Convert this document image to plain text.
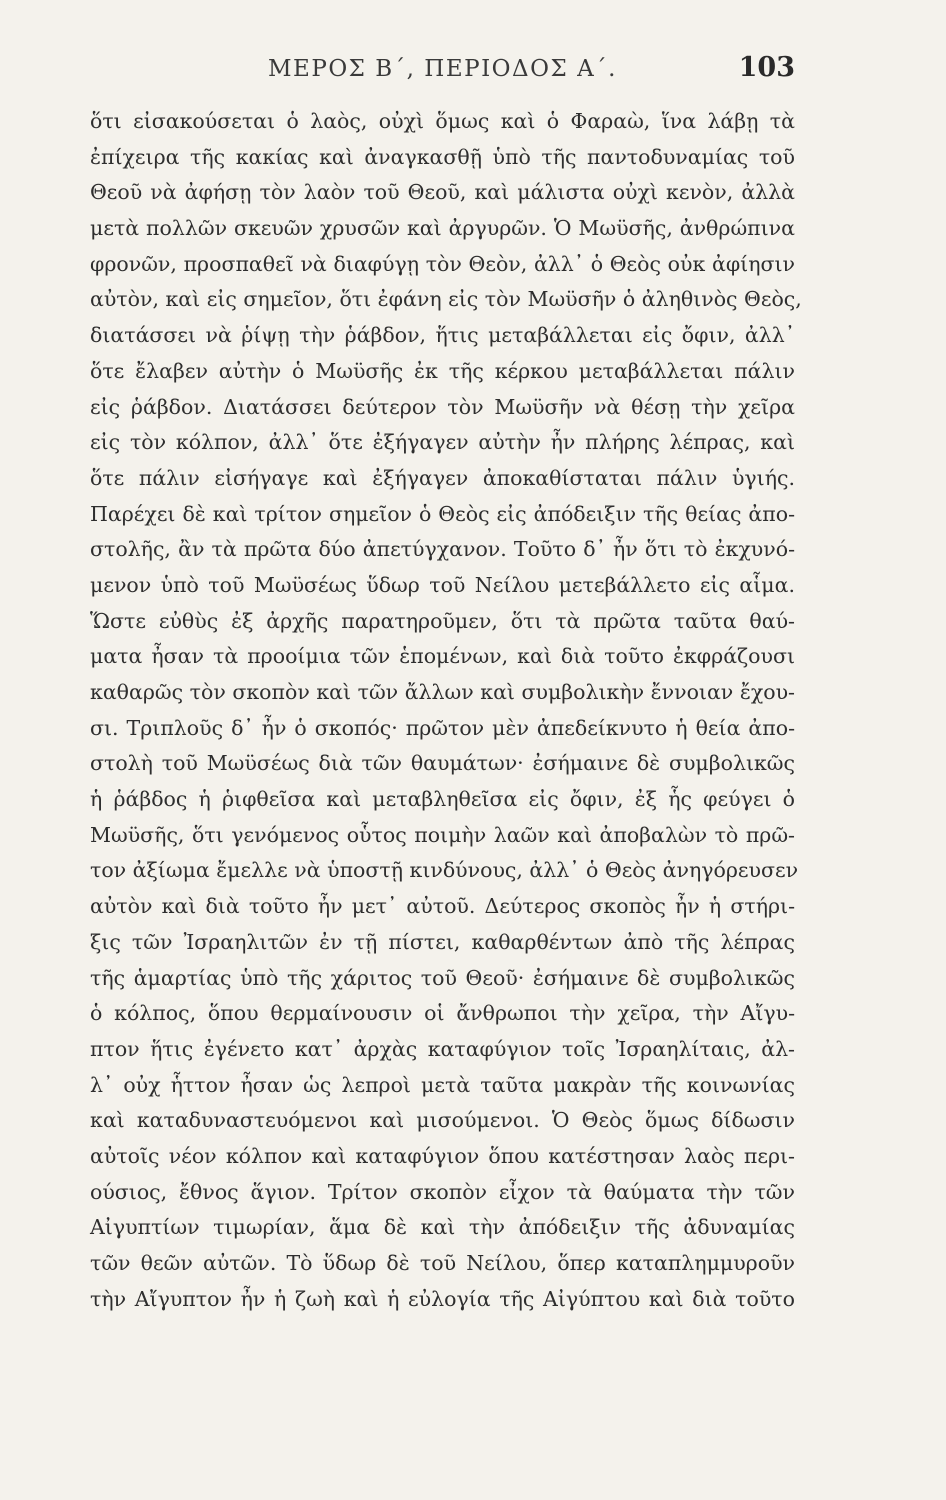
ΜΕΡΟΣ Β΄, ΠΕΡΙΟΔΟΣ Α΄.	103
ὅτι εἰσακούσεται ὁ λαὸς, οὐχὶ ὅμως καὶ ὁ Φαραὼ, ἵνα λάβῃ τὰ
ἐπίχειρα τῆς κακίας καὶ ἀναγκασθῇ ὑπὸ τῆς παντοδυναμίας τοῦ
Θεοῦ νὰ ἀφήσῃ τὸν λαὸν τοῦ Θεοῦ, καὶ μάλιστα οὐχὶ κενὸν, ἀλλὰ
μετὰ πολλῶν σκευῶν χρυσῶν καὶ ἀργυρῶν. Ὁ Μωϋσῆς, ἀνθρώπινα
φρονῶν, προσπαθεῖ νὰ διαφύγῃ τὸν Θεὸν, ἀλλ᾽ ὁ Θεὸς οὐκ ἀφίησιν
αὐτὸν, καὶ εἰς σημεῖον, ὅτι ἐφάνη εἰς τὸν Μωϋσῆν ὁ ἀληθινὸς Θεὸς,
διατάσσει νὰ ῥίψῃ τὴν ῥάβδον, ἥτις μεταβάλλεται εἰς ὄφιν, ἀλλ᾽
ὅτε ἔλαβεν αὐτὴν ὁ Μωϋσῆς ἐκ τῆς κέρκου μεταβάλλεται πάλιν
εἰς ῥάβδον. Διατάσσει δεύτερον τὸν Μωϋσῆν νὰ θέσῃ τὴν χεῖρα
εἰς τὸν κόλπον, ἀλλ᾽ ὅτε ἐξήγαγεν αὐτὴν ἦν πλήρης λέπρας, καὶ
ὅτε πάλιν εἰσήγαγε καὶ ἐξήγαγεν ἀποκαθίσταται πάλιν ὑγιής.
Παρέχει δὲ καὶ τρίτον σημεῖον ὁ Θεὸς εἰς ἀπόδειξιν τῆς θείας ἀπο-
στολῆς, ἂν τὰ πρῶτα δύο ἀπετύγχανον. Τοῦτο δ᾽ ἦν ὅτι τὸ ἐκχυνό-
μενον ὑπὸ τοῦ Μωϋσέως ὕδωρ τοῦ Νείλου μετεβάλλετο εἰς αἷμα.
Ὥστε εὐθὺς ἐξ ἀρχῆς παρατηροῦμεν, ὅτι τὰ πρῶτα ταῦτα θαύ-
ματα ἦσαν τὰ προοίμια τῶν ἑπομένων, καὶ διὰ τοῦτο ἐκφράζουσι
καθαρῶς τὸν σκοπὸν καὶ τῶν ἄλλων καὶ συμβολικὴν ἔννοιαν ἔχου-
σι. Τριπλοῦς δ᾽ ἦν ὁ σκοπός· πρῶτον μὲν ἀπεδείκνυτο ἡ θεία ἀπο-
στολὴ τοῦ Μωϋσέως διὰ τῶν θαυμάτων· ἐσήμαινε δὲ συμβολικῶς
ἡ ῥάβδος ἡ ῥιφθεῖσα καὶ μεταβληθεῖσα εἰς ὄφιν, ἐξ ἧς φεύγει ὁ
Μωϋσῆς, ὅτι γενόμενος οὗτος ποιμὴν λαῶν καὶ ἀποβαλὼν τὸ πρῶ-
τον ἀξίωμα ἔμελλε νὰ ὑποστῇ κινδύνους, ἀλλ᾽ ὁ Θεὸς ἀνηγόρευσεν
αὐτὸν καὶ διὰ τοῦτο ἦν μετ᾽ αὐτοῦ. Δεύτερος σκοπὸς ἦν ἡ στήρι-
ξις τῶν Ἰσραηλιτῶν ἐν τῇ πίστει, καθαρθέντων ἀπὸ τῆς λέπρας
τῆς ἁμαρτίας ὑπὸ τῆς χάριτος τοῦ Θεοῦ· ἐσήμαινε δὲ συμβολικῶς
ὁ κόλπος, ὅπου θερμαίνουσιν οἱ ἄνθρωποι τὴν χεῖρα, τὴν Αἴγυ-
πτον ἥτις ἐγένετο κατ᾽ ἀρχὰς καταφύγιον τοῖς Ἰσραηλίταις, ἀλ-
λ᾽ οὐχ ἧττον ἦσαν ὡς λεπροὶ μετὰ ταῦτα μακρὰν τῆς κοινωνίας
καὶ καταδυναστευόμενοι καὶ μισούμενοι. Ὁ Θεὸς ὅμως δίδωσιν
αὐτοῖς νέον κόλπον καὶ καταφύγιον ὅπου κατέστησαν λαὸς περι-
ούσιος, ἔθνος ἅγιον. Τρίτον σκοπὸν εἶχον τὰ θαύματα τὴν τῶν
Αἰγυπτίων τιμωρίαν, ἅμα δὲ καὶ τὴν ἀπόδειξιν τῆς ἀδυναμίας
τῶν θεῶν αὐτῶν. Τὸ ὕδωρ δὲ τοῦ Νείλου, ὅπερ καταπλημμυροῦν
τὴν Αἴγυπτον ἦν ἡ ζωὴ καὶ ἡ εὐλογία τῆς Αἰγύπτου καὶ διὰ τοῦτο
